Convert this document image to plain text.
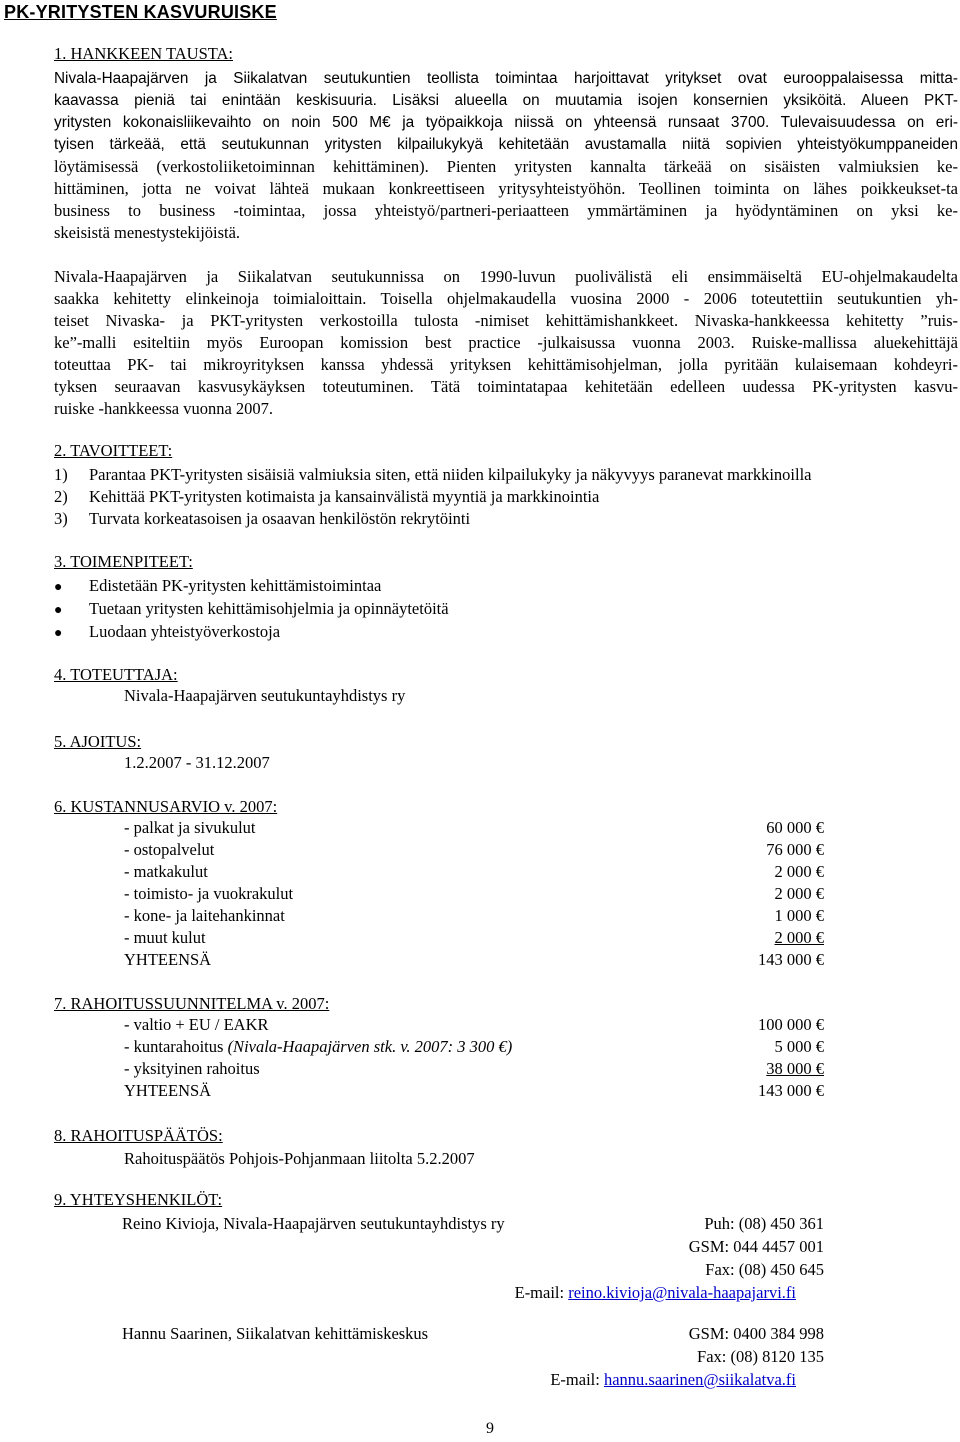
PK-YRITYSTEN KASVURUISKE
1. HANKKEEN TAUSTA:

Nivala-Haapajärven ja Siikalatvan seutukuntien teollista toimintaa harjoittavat yritykset ovat eurooppalaisessa mitta-

kaavassa pieniä tai enintään keskisuuria. Lisäksi alueella on muutamia isojen konsernien yksiköitä. Alueen PKT-

yritysten kokonaisliikevaihto on noin 500 M€ ja työpaikkoja niissä on yhteensä runsaat 3700. Tulevaisuudessa on eri-

tyisen tärkeää, että seutukunnan yritysten kilpailukykyä kehitetään avustamalla niitä sopivien yhteistyökumppaneiden

löytämisessä (verkostoliiketoiminnan kehittäminen). Pienten yritysten kannalta tärkeää on sisäisten valmiuksien ke-

hittäminen, jotta ne voivat lähteä mukaan konkreettiseen yritysyhteistyöhön. Teollinen toiminta on lähes poikkeukset-ta

business to business -toimintaa, jossa yhteistyö/partneri-periaatteen ymmärtäminen ja hyödyntäminen on yksi ke-

skeisistä menestystekijöistä.

Nivala-Haapajärven ja Siikalatvan seutukunnissa on 1990-luvun puolivälistä eli ensimmäiseltä EU-ohjelmakaudelta

saakka kehitetty elinkeinoja toimialoittain. Toisella ohjelmakaudella vuosina 2000 - 2006 toteutettiin seutukuntien yh-

teiset Nivaska- ja PKT-yritysten verkostoilla tulosta -nimiset kehittämishankkeet. Nivaska-hankkeessa kehitetty ”ruis-

ke”-malli esiteltiin myös Euroopan komission best practice -julkaisussa vuonna 2003. Ruiske-mallissa aluekehittäjä

toteuttaa PK- tai mikroyrityksen kanssa yhdessä yrityksen kehittämisohjelman, jolla pyritään kulaisemaan kohdeyri-

tyksen seuraavan kasvusykäyksen toteutuminen. Tätä toimintatapaa kehitetään edelleen uudessa PK-yritysten kasvu-

ruiske -hankkeessa vuonna 2007.

2. TAVOITTEET:
1) Parantaa PKT-yritysten sisäisiä valmiuksia siten, että niiden kilpailukyky ja näkyvyys paranevat markkinoilla
2) Kehittää PKT-yritysten kotimaista ja kansainvälistä myyntiä ja markkinointia
3) Turvata korkeatasoisen ja osaavan henkilöstön rekrytöinti
3. TOIMENPITEET:
● Edistetään PK-yritysten kehittämistoimintaa
● Tuetaan yritysten kehittämisohjelmia ja opinnäytetöitä
● Luodaan yhteistyöverkostoja
4. TOTEUTTAJA:
Nivala-Haapajärven seutukuntayhdistys ry
5. AJOITUS:
1.2.2007 - 31.12.2007
6. KUSTANNUSARVIO v. 2007:
- palkat ja sivukulut	60 000 €
- ostopalvelut	76 000 €
- matkakulut	2 000 €
- toimisto- ja vuokrakulut	2 000 €
- kone- ja laitehankinnat	1 000 €
- muut kulut	2 000 €
YHTEENSÄ	143 000 €
7. RAHOITUSSUUNNITELMA v. 2007:
- valtio + EU / EAKR	100 000 €
- kuntarahoitus (Nivala-Haapajärven stk. v. 2007: 3 300 €)	5 000 €
- yksityinen rahoitus	38 000 €
YHTEENSÄ	143 000 €
8. RAHOITUSPÄÄTÖS:
Rahoituspäätös Pohjois-Pohjanmaan liitolta 5.2.2007
9. YHTEYSHENKILÖT:
Reino Kivioja, Nivala-Haapajärven seutukuntayhdistys ry	Puh: (08) 450 361
GSM: 044 4457 001
Fax: (08) 450 645
E-mail: reino.kivioja@nivala-haapajarvi.fi
Hannu Saarinen, Siikalatvan kehittämiskeskus	GSM: 0400 384 998
Fax: (08) 8120 135
E-mail: hannu.saarinen@siikalatva.fi
9
